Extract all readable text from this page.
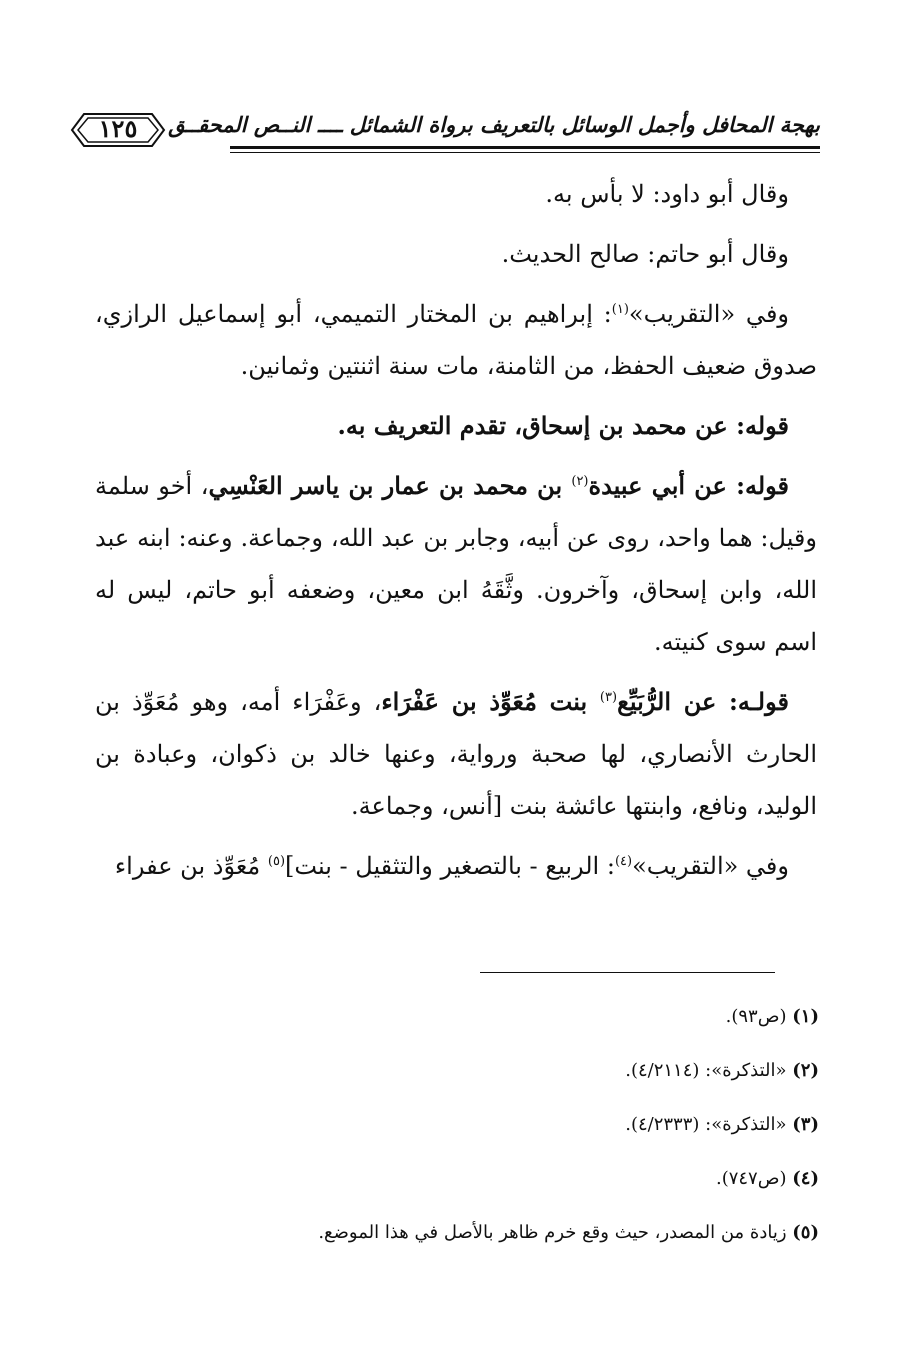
بهجة المحافل وأجمل الوسائل بالتعريف برواة الشمائل ــــ النــص المحقــق
١٢٥

وقال أبو داود: لا بأس به.

وقال أبو حاتم: صالح الحديث.

وفي «التقريب»$^{(١)}$: إبراهيم بن المختار التميمي، أبو إسماعيل الرازي، صدوق ضعيف الحفظ، من الثامنة، مات سنة اثنتين وثمانين.

قوله: عن محمد بن إسحاق، تقدم التعريف به.

قوله: عن أبي عبيدة$^{(٢)}$ بن محمد بن عمار بن ياسر العَنْسِي، أخو سلمة وقيل: هما واحد، روى عن أبيه، وجابر بن عبد الله، وجماعة. وعنه: ابنه عبد الله، وابن إسحاق، وآخرون. وثَّقَهُ ابن معين، وضعفه أبو حاتم، ليس له اسم سوى كنيته.

قولـه: عن الرُّبَيِّع$^{(٣)}$ بنت مُعَوِّذ بن عَفْرَاء، وعَفْرَاء أمه، وهو مُعَوِّذ بن الحارث الأنصاري، لها صحبة ورواية، وعنها خالد بن ذكوان، وعبادة بن الوليد، ونافع، وابنتها عائشة بنت [أنس، وجماعة.

وفي «التقريب»$^{(٤)}$: الربيع - بالتصغير والتثقيل - بنت]$^{(٥)}$ مُعَوِّذ بن عفراء

(١) (ص٩٣).

(٢) «التذكرة»: (٤/٢١١٤).

(٣) «التذكرة»: (٤/٢٣٣٣).

(٤) (ص٧٤٧).

(٥) زيادة من المصدر، حيث وقع خرم ظاهر بالأصل في هذا الموضع.
